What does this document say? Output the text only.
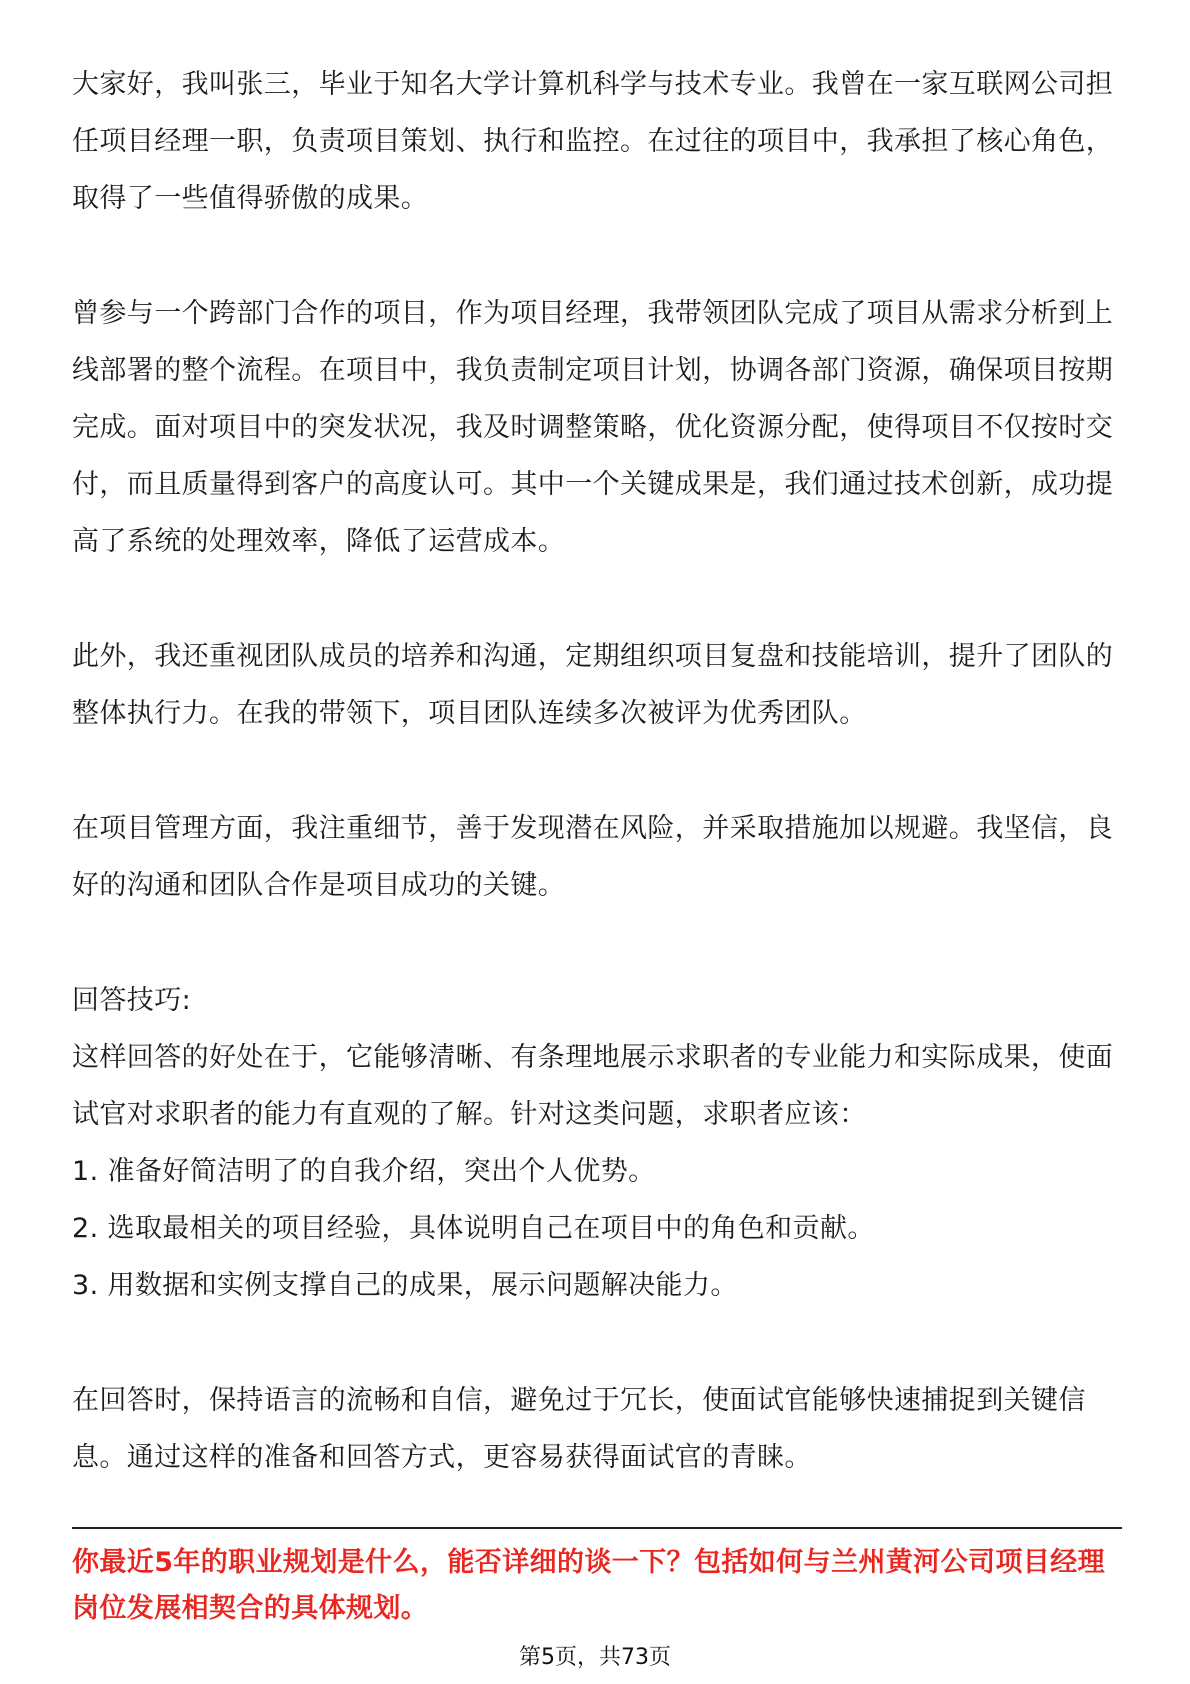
大家好，我叫张三，毕业于知名大学计算机科学与技术专业。我曾在一家互联网公司担任项目经理一职，负责项目策划、执行和监控。在过往的项目中，我承担了核心角色，取得了一些值得骄傲的成果。

曾参与一个跨部门合作的项目，作为项目经理，我带领团队完成了项目从需求分析到上线部署的整个流程。在项目中，我负责制定项目计划，协调各部门资源，确保项目按期完成。面对项目中的突发状况，我及时调整策略，优化资源分配，使得项目不仅按时交付，而且质量得到客户的高度认可。其中一个关键成果是，我们通过技术创新，成功提高了系统的处理效率，降低了运营成本。

此外，我还重视团队成员的培养和沟通，定期组织项目复盘和技能培训，提升了团队的整体执行力。在我的带领下，项目团队连续多次被评为优秀团队。

在项目管理方面，我注重细节，善于发现潜在风险，并采取措施加以规避。我坚信，良好的沟通和团队合作是项目成功的关键。

回答技巧:

这样回答的好处在于，它能够清晰、有条理地展示求职者的专业能力和实际成果，使面试官对求职者的能力有直观的了解。针对这类问题，求职者应该：

1. 准备好简洁明了的自我介绍，突出个人优势。

2. 选取最相关的项目经验，具体说明自己在项目中的角色和贡献。

3. 用数据和实例支撑自己的成果，展示问题解决能力。

在回答时，保持语言的流畅和自信，避免过于冗长，使面试官能够快速捕捉到关键信息。通过这样的准备和回答方式，更容易获得面试官的青睐。

你最近5年的职业规划是什么，能否详细的谈一下？包括如何与兰州黄河公司项目经理岗位发展相契合的具体规划。

第5页，共73页
